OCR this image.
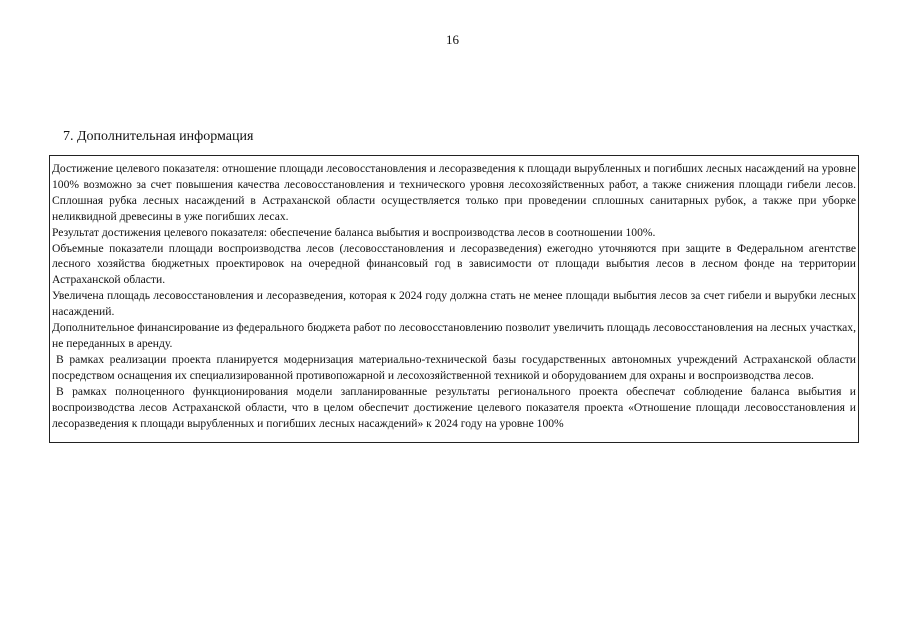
16
7. Дополнительная информация

Достижение целевого показателя: отношение площади лесовосстановления и лесоразведения к площади вырубленных и погибших лесных насаждений на уровне 100% возможно за счет повышения качества лесовосстановления и технического уровня лесохозяйственных работ, а также снижения площади гибели лесов. Сплошная рубка лесных насаждений в Астраханской области осуществляется только при проведении сплошных санитарных рубок, а также при уборке неликвидной древесины в уже погибших лесах.

Результат достижения целевого показателя: обеспечение баланса выбытия и воспроизводства лесов в соотношении 100%.

Объемные показатели площади воспроизводства лесов (лесовосстановления и лесоразведения) ежегодно уточняются при защите в Федеральном агентстве лесного хозяйства бюджетных проектировок на очередной финансовый год в зависимости от площади выбытия лесов в лесном фонде на территории Астраханской области.

Увеличена площадь лесовосстановления и лесоразведения, которая к 2024 году должна стать не менее площади выбытия лесов за счет гибели и вырубки лесных насаждений.

Дополнительное финансирование из федерального бюджета работ по лесовосстановлению позволит увеличить площадь лесовосстановления на лесных участках, не переданных в аренду.

В рамках реализации проекта планируется модернизация материально-технической базы государственных автономных учреждений Астраханской области посредством оснащения их специализированной противопожарной и лесохозяйственной техникой и оборудованием для охраны и воспроизводства лесов.

В рамках полноценного функционирования модели запланированные результаты регионального проекта обеспечат соблюдение баланса выбытия и воспроизводства лесов Астраханской области, что в целом обеспечит достижение целевого показателя проекта «Отношение площади лесовосстановления и лесоразведения к площади вырубленных и погибших лесных насаждений» к 2024 году на уровне 100%
